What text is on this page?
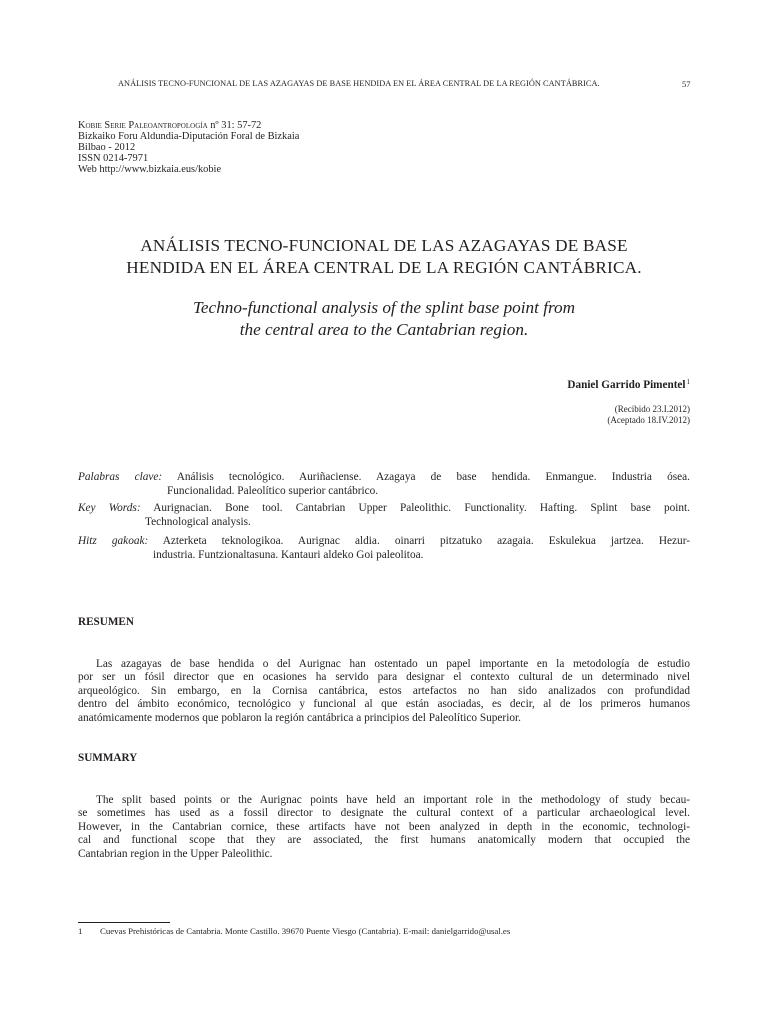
ANÁLISIS TECNO-FUNCIONAL DE LAS AZAGAYAS DE BASE HENDIDA EN EL ÁREA CENTRAL DE LA REGIÓN CANTÁBRICA.	57
Kobie Serie Paleoantropología nº 31: 57-72
Bizkaiko Foru Aldundia-Diputación Foral de Bizkaia
Bilbao - 2012
ISSN 0214-7971
Web http://www.bizkaia.eus/kobie
ANÁLISIS TECNO-FUNCIONAL DE LAS AZAGAYAS DE BASE
HENDIDA EN EL ÁREA CENTRAL DE LA REGIÓN CANTÁBRICA.
Techno-functional analysis of the splint base point from
the central area to the Cantabrian region.
Daniel Garrido Pimentel$^1$
(Recibido 23.I.2012)
(Aceptado 18.IV.2012)
Palabras clave: Análisis tecnológico. Auriñaciense. Azagaya de base hendida. Enmangue. Industria ósea.
Funcionalidad. Paleolítico superior cantábrico.
Key Words: Aurignacian. Bone tool. Cantabrian Upper Paleolithic. Functionality. Hafting. Splint base point.
Technological analysis.
Hitz gakoak: Azterketa teknologikoa. Aurignac aldia. oinarri pitzatuko azagaia. Eskulekua jartzea. Hezur-
industria. Funtzionaltasuna. Kantauri aldeko Goi paleolitoa.
RESUMEN
Las azagayas de base hendida o del Aurignac han ostentado un papel importante en la metodología de estudio
por ser un fósil director que en ocasiones ha servido para designar el contexto cultural de un determinado nivel
arqueológico. Sin embargo, en la Cornisa cantábrica, estos artefactos no han sido analizados con profundidad
dentro del ámbito económico, tecnológico y funcional al que están asociadas, es decir, al de los primeros humanos
anatómicamente modernos que poblaron la región cantábrica a principios del Paleolítico Superior.
SUMMARY
The split based points or the Aurignac points have held an important role in the methodology of study becau-
se sometimes has used as a fossil director to designate the cultural context of a particular archaeological level.
However, in the Cantabrian cornice, these artifacts have not been analyzed in depth in the economic, technologi-
cal and functional scope that they are associated, the first humans anatomically modern that occupied the
Cantabrian region in the Upper Paleolithic.
1 Cuevas Prehistóricas de Cantabria. Monte Castillo. 39670 Puente Viesgo (Cantabria). E-mail: danielgarrido@usal.es
